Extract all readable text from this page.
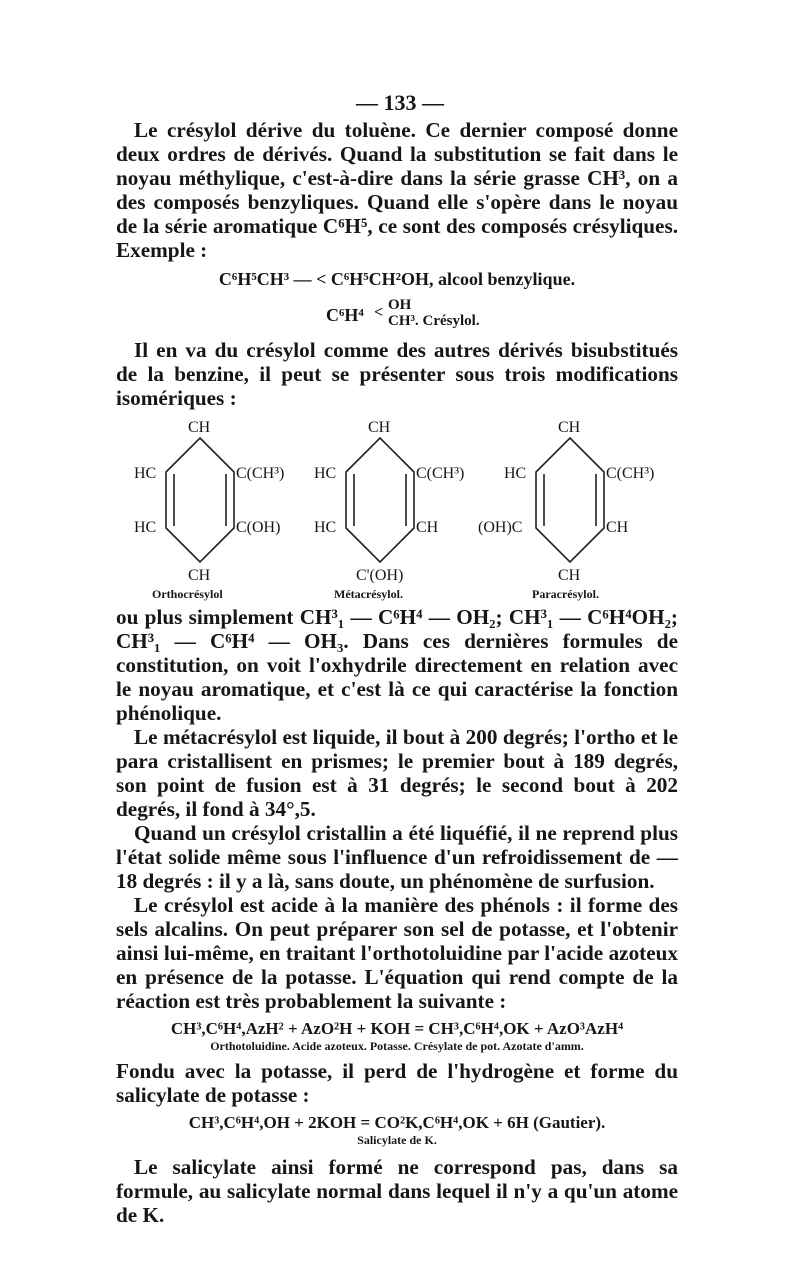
— 133 —

Le crésylol dérive du toluène. Ce dernier composé donne deux ordres de dérivés. Quand la substitution se fait dans le noyau méthylique, c'est-à-dire dans la série grasse CH³, on a des composés benzyliques. Quand elle s'opère dans le noyau de la série aromatique C⁶H⁵, ce sont des composés crésyliques. Exemple :

C⁶H⁵CH³ — < C⁶H⁵CH²OH, alcool benzylique.
C⁶H⁴ < OH
CH³. Crésylol.

Il en va du crésylol comme des autres dérivés bisubstitués de la benzine, il peut se présenter sous trois modifications isomériques :

CH
HC	C(CH³)
HC	C(OH)
CH
Orthocrésylol
CH
HC	C(CH³)
HC	CH
C'(OH)
Métacrésylol.
CH
HC	C(CH³)
(OH)C	CH
CH
Paracrésylol.

ou plus simplement CH³₁ — C⁶H⁴ — OH₂; CH³₁ — C⁶H⁴OH₂; CH³₁ — C⁶H⁴ — OH₃. Dans ces dernières formules de constitution, on voit l'oxhydrile directement en relation avec le noyau aromatique, et c'est là ce qui caractérise la fonction phénolique.

Le métacrésylol est liquide, il bout à 200 degrés; l'ortho et le para cristallisent en prismes; le premier bout à 189 degrés, son point de fusion est à 31 degrés; le second bout à 202 degrés, il fond à 34°,5.

Quand un crésylol cristallin a été liquéfié, il ne reprend plus l'état solide même sous l'influence d'un refroidissement de — 18 degrés : il y a là, sans doute, un phénomène de surfusion.

Le crésylol est acide à la manière des phénols : il forme des sels alcalins. On peut préparer son sel de potasse, et l'obtenir ainsi lui-même, en traitant l'orthotoluidine par l'acide azoteux en présence de la potasse. L'équation qui rend compte de la réaction est très probablement la suivante :

CH³,C⁶H⁴,AzH² + AzO²H + KOH = CH³,C⁶H⁴,OK + AzO³AzH⁴
Orthotoluidine. Acide azoteux. Potasse. Crésylate de pot. Azotate d'amm.

Fondu avec la potasse, il perd de l'hydrogène et forme du salicylate de potasse :

CH³,C⁶H⁴,OH + 2KOH = CO²K,C⁶H⁴,OK + 6H (Gautier).
Salicylate de K.

Le salicylate ainsi formé ne correspond pas, dans sa formule, au salicylate normal dans lequel il n'y a qu'un atome de K.
